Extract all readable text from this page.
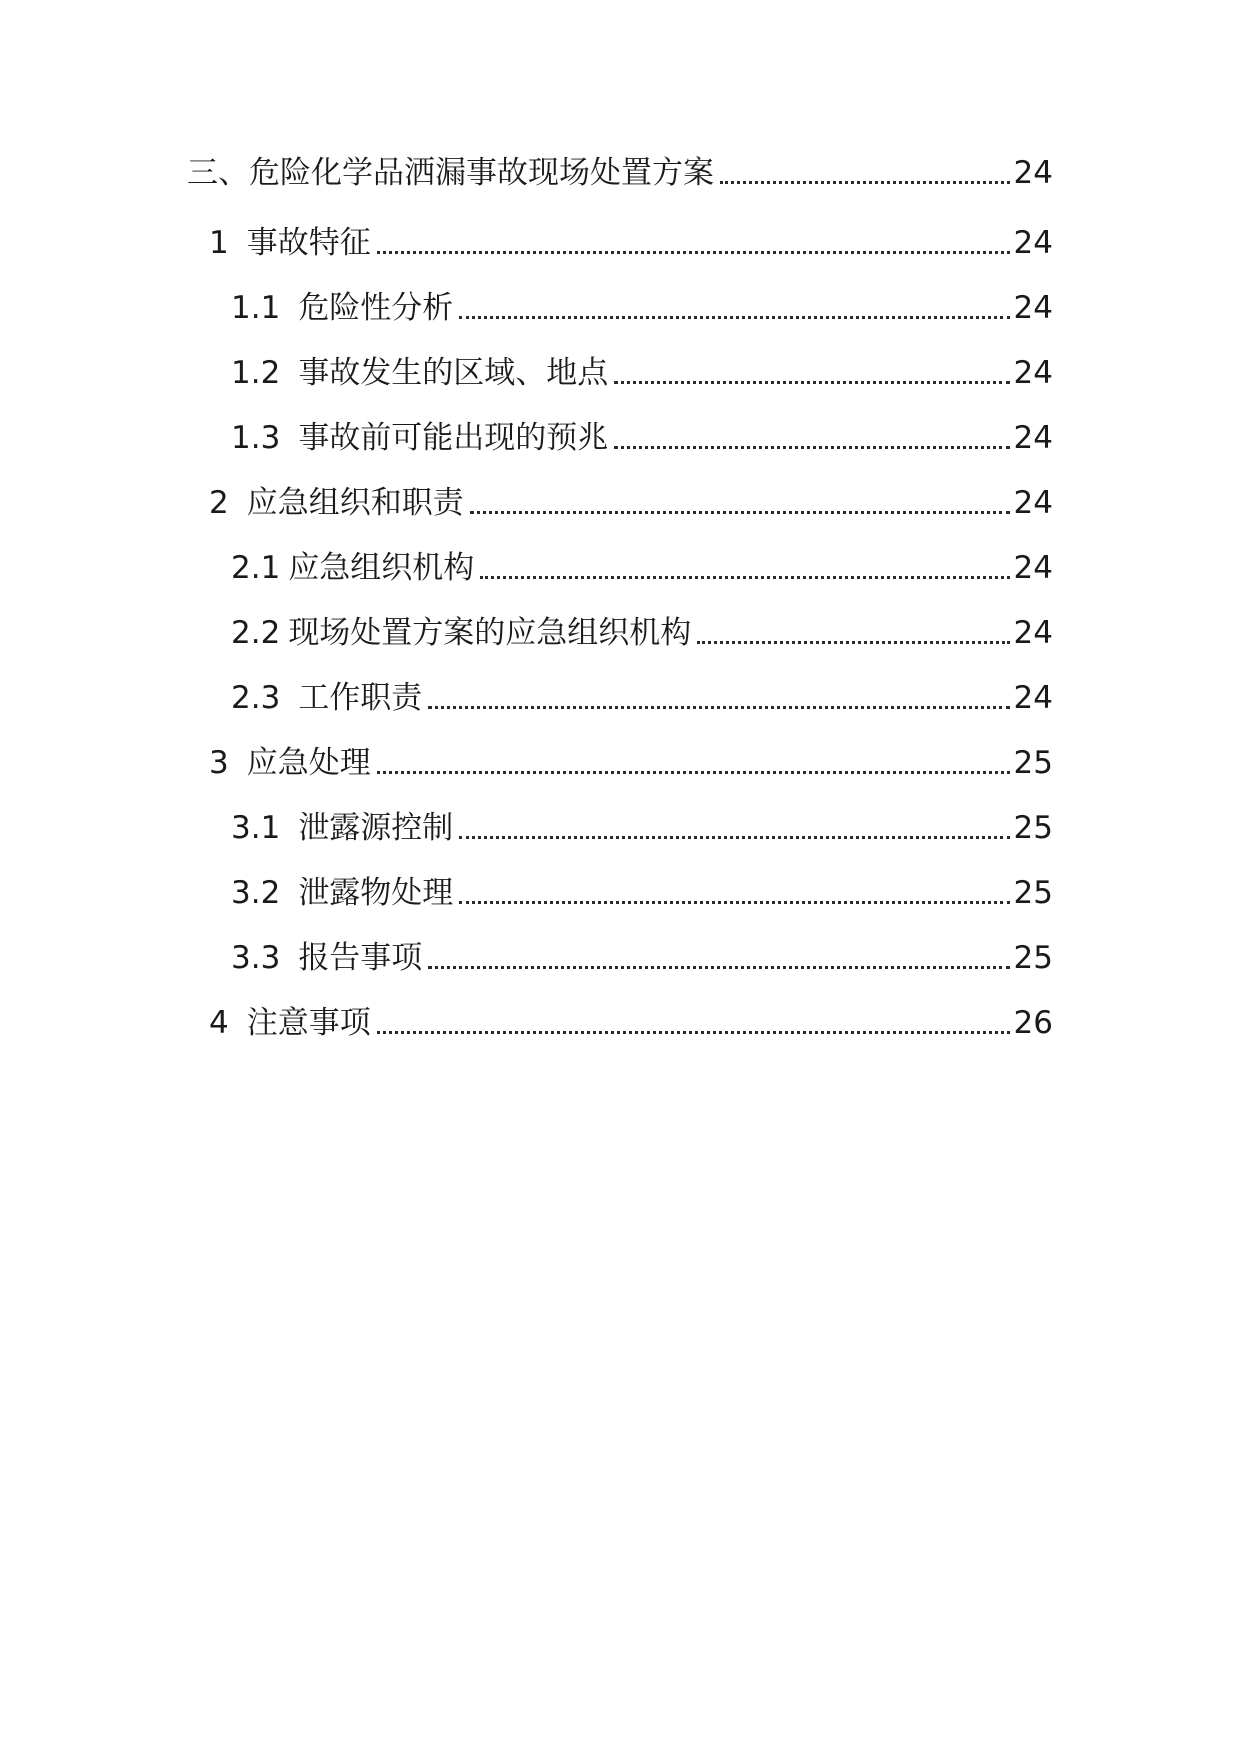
三、危险化学品洒漏事故现场处置方案	24
1 事故特征	24
1.1 危险性分析	24
1.2 事故发生的区域、地点	24
1.3 事故前可能出现的预兆	24
2 应急组织和职责	24
2.1 应急组织机构	24
2.2 现场处置方案的应急组织机构	24
2.3 工作职责	24
3 应急处理	25
3.1 泄露源控制	25
3.2 泄露物处理	25
3.3 报告事项	25
4 注意事项	26
